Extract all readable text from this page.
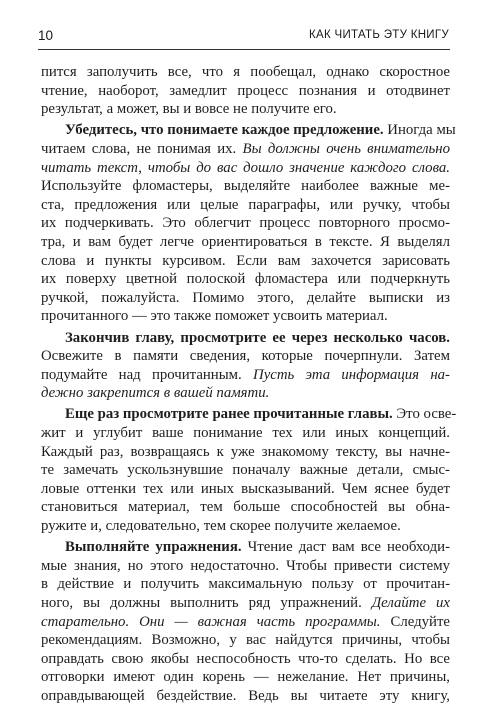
10	КАК ЧИТАТЬ ЭТУ КНИГУ
питcя заполучить все, что я пообещал, однако скоростное
чтение, наоборот, замедлит процесс познания и отодвинет
результат, а может, вы и вовсе не получите его.
Убедитесь, что понимаете каждое предложение. Иногда мы
читаем слова, не понимая их. Вы должны очень внимательно
читать текст, чтобы до вас дошло значение каждого слова.
Используйте фломастеры, выделяйте наиболее важные ме-
ста, предложения или целые параграфы, или ручку, чтобы
их подчеркивать. Это облегчит процесс повторного просмо-
тра, и вам будет легче ориентироваться в тексте. Я выделял
слова и пункты курсивом. Если вам захочется зарисовать
их поверху цветной полоской фломастера или подчеркнуть
ручкой, пожалуйста. Помимо этого, делайте выписки из
прочитанного — это также поможет усвоить материал.
Закончив главу, просмотрите ее через несколько часов.
Освежите в памяти сведения, которые почерпнули. Затем
подумайте над прочитанным. Пусть эта информация на-
дежно закрепится в вашей памяти.
Еще раз просмотрите ранее прочитанные главы. Это осве-
жит и углубит ваше понимание тех или иных концепций.
Каждый раз, возвращаясь к уже знакомому тексту, вы начне-
те замечать ускользнувшие поначалу важные детали, смыс-
ловые оттенки тех или иных высказываний. Чем яснее будет
становиться материал, тем больше способностей вы обна-
ружите и, следовательно, тем скорее получите желаемое.
Выполняйте упражнения. Чтение даст вам все необходи-
мые знания, но этого недостаточно. Чтобы привести систему
в действие и получить максимальную пользу от прочитан-
ного, вы должны выполнить ряд упражнений. Делайте их
старательно. Они — важная часть программы. Следуйте
рекомендациям. Возможно, у вас найдутся причины, чтобы
оправдать свою якобы неспособность что-то сделать. Но все
отговорки имеют один корень — нежелание. Нет причины,
оправдывающей бездействие. Ведь вы читаете эту книгу,
